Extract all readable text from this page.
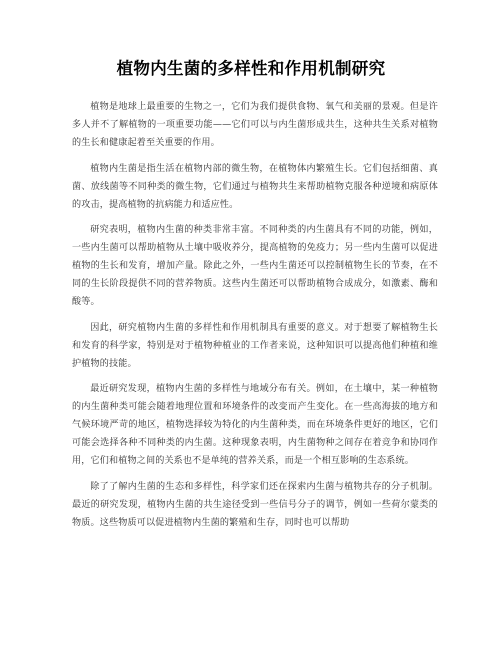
植物内生菌的多样性和作用机制研究

植物是地球上最重要的生物之一，它们为我们提供食物、氧气和美丽的景观。但是许多人并不了解植物的一项重要功能——它们可以与内生菌形成共生，这种共生关系对植物的生长和健康起着至关重要的作用。

植物内生菌是指生活在植物内部的微生物，在植物体内繁殖生长。它们包括细菌、真菌、放线菌等不同种类的微生物，它们通过与植物共生来帮助植物克服各种逆境和病原体的攻击，提高植物的抗病能力和适应性。

研究表明，植物内生菌的种类非常丰富。不同种类的内生菌具有不同的功能，例如，一些内生菌可以帮助植物从土壤中吸收养分，提高植物的免疫力；另一些内生菌可以促进植物的生长和发育，增加产量。除此之外，一些内生菌还可以控制植物生长的节奏，在不同的生长阶段提供不同的营养物质。这些内生菌还可以帮助植物合成成分，如激素、酶和酸等。

因此，研究植物内生菌的多样性和作用机制具有重要的意义。对于想要了解植物生长和发育的科学家，特别是对于植物种植业的工作者来说，这种知识可以提高他们种植和维护植物的技能。

最近研究发现，植物内生菌的多样性与地域分布有关。例如，在土壤中，某一种植物的内生菌种类可能会随着地理位置和环境条件的改变而产生变化。在一些高海拔的地方和气候环境严苛的地区，植物选择较为特化的内生菌种类，而在环境条件更好的地区，它们可能会选择各种不同种类的内生菌。这种现象表明，内生菌物种之间存在着竞争和协同作用，它们和植物之间的关系也不是单纯的营养关系，而是一个相互影响的生态系统。

除了了解内生菌的生态和多样性，科学家们还在探索内生菌与植物共存的分子机制。最近的研究发现，植物内生菌的共生途径受到一些信号分子的调节，例如一些荷尔蒙类的物质。这些物质可以促进植物内生菌的繁殖和生存，同时也可以帮助
